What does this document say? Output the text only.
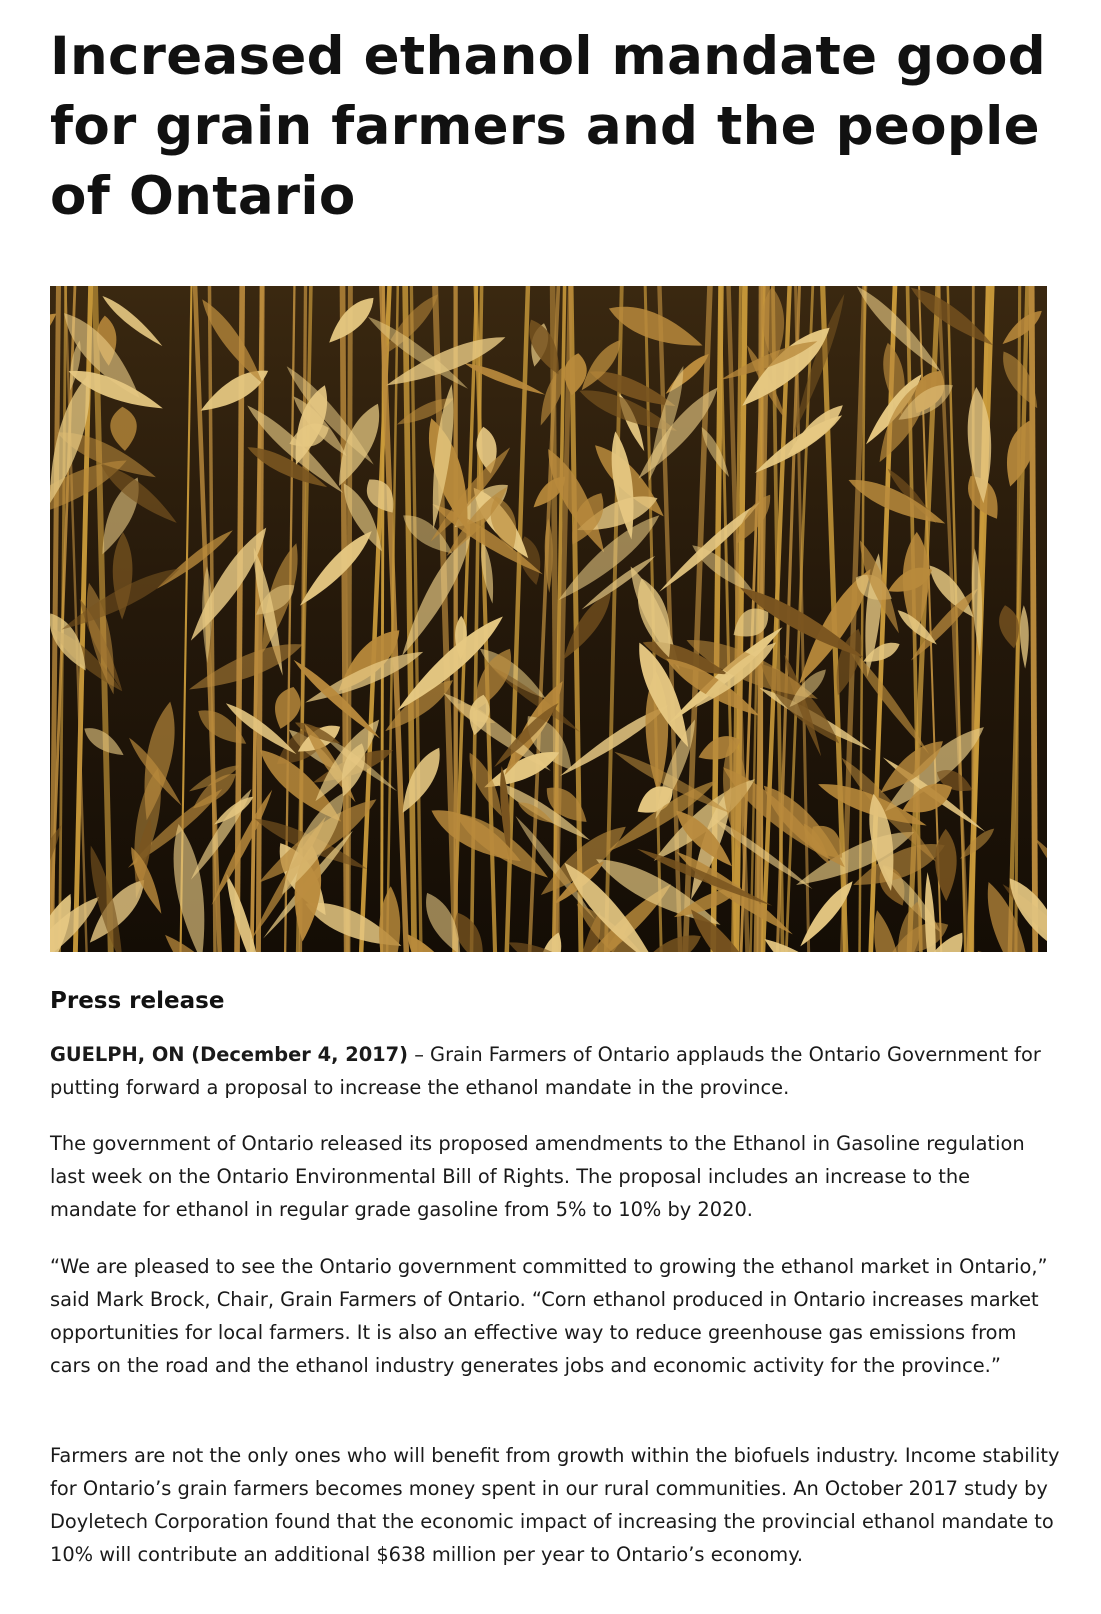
Increased ethanol mandate good for grain farmers and the people of Ontario
Press release

GUELPH, ON (December 4, 2017) – Grain Farmers of Ontario applauds the Ontario Government for putting forward a proposal to increase the ethanol mandate in the province.

The government of Ontario released its proposed amendments to the Ethanol in Gasoline regulation last week on the Ontario Environmental Bill of Rights. The proposal includes an increase to the mandate for ethanol in regular grade gasoline from 5% to 10% by 2020.

“We are pleased to see the Ontario government committed to growing the ethanol market in Ontario,” said Mark Brock, Chair, Grain Farmers of Ontario. “Corn ethanol produced in Ontario increases market opportunities for local farmers. It is also an effective way to reduce greenhouse gas emissions from cars on the road and the ethanol industry generates jobs and economic activity for the province.”

Farmers are not the only ones who will benefit from growth within the biofuels industry. Income stability for Ontario’s grain farmers becomes money spent in our rural communities. An October 2017 study by Doyletech Corporation found that the economic impact of increasing the provincial ethanol mandate to 10% will contribute an additional $638 million per year to Ontario’s economy.
